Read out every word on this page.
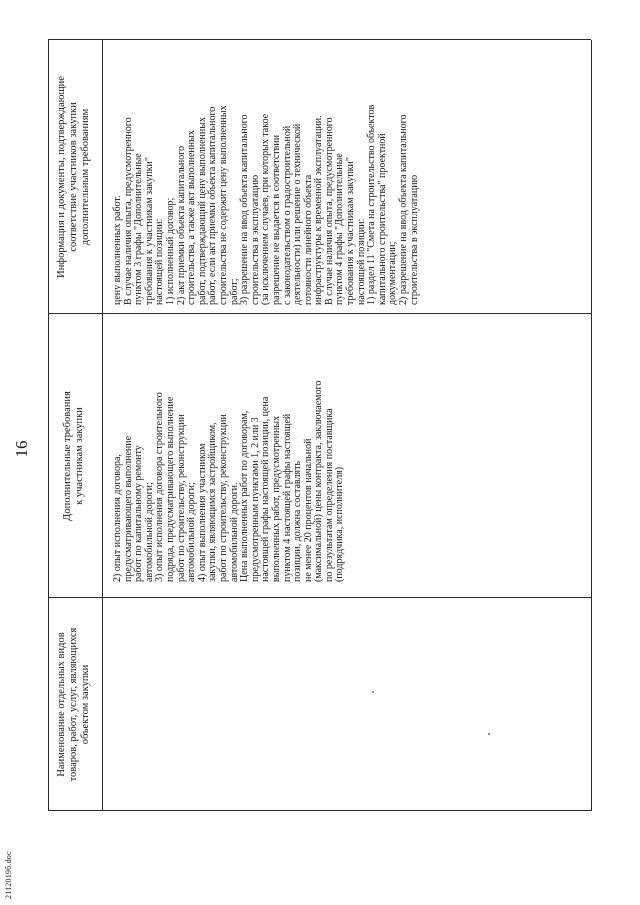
16
2112019б.doc
Наименование отдельных видов товаров, работ, услуг, являющихся объектом закупки
Дополнительные требования к участникам закупки
Информация и документы, подтверждающие соответствие участников закупки дополнительным требованиям
2) опыт исполнения договора, предусматривающего выполнение работ по капитальному ремонту автомобильной дороги; 3) опыт исполнения договора строительного подряда, предусматривающего выполнение работ по строительству, реконструкции автомобильной дороги; 4) опыт выполнения участником закупки, являющимся застройщиком, работ по строительству, реконструкции автомобильной дороги. Цена выполненных работ по договорам, предусмотренным пунктами 1, 2 или 3 настоящей графы настоящей позиции, цена выполненных работ, предусмотренных пунктом 4 настоящей графы настоящей позиции, должна составлять не менее 20 процентов начальной (максимальной) цены контракта, заключаемого по результатам определения поставщика (подрядчика, исполнителя)
цену выполненных работ. В случае наличия опыта, предусмотренного пунктом 3 графы "Дополнительные требования к участникам закупки" настоящей позиции: 1) исполненный договор; 2) акт приемки объекта капитального строительства, а также акт выполненных работ, подтверждающий цену выполненных работ, если акт приемки объекта капитального строительства не содержит цену выполненных работ; 3) разрешение на ввод объекта капитального строительства в эксплуатацию (за исключением случаев, при которых такое разрешение не выдается в соответствии с законодательством о градостроительной деятельности) или решение о технической готовности линейного объекта инфраструктуры к временной эксплуатации. В случае наличия опыта, предусмотренного пунктом 4 графы "Дополнительные требования к участникам закупки" настоящей позиции: 1) раздел 11 "Смета на строительство объектов капитального строительства" проектной документации; 2) разрешение на ввод объекта капитального строительства в эксплуатацию
